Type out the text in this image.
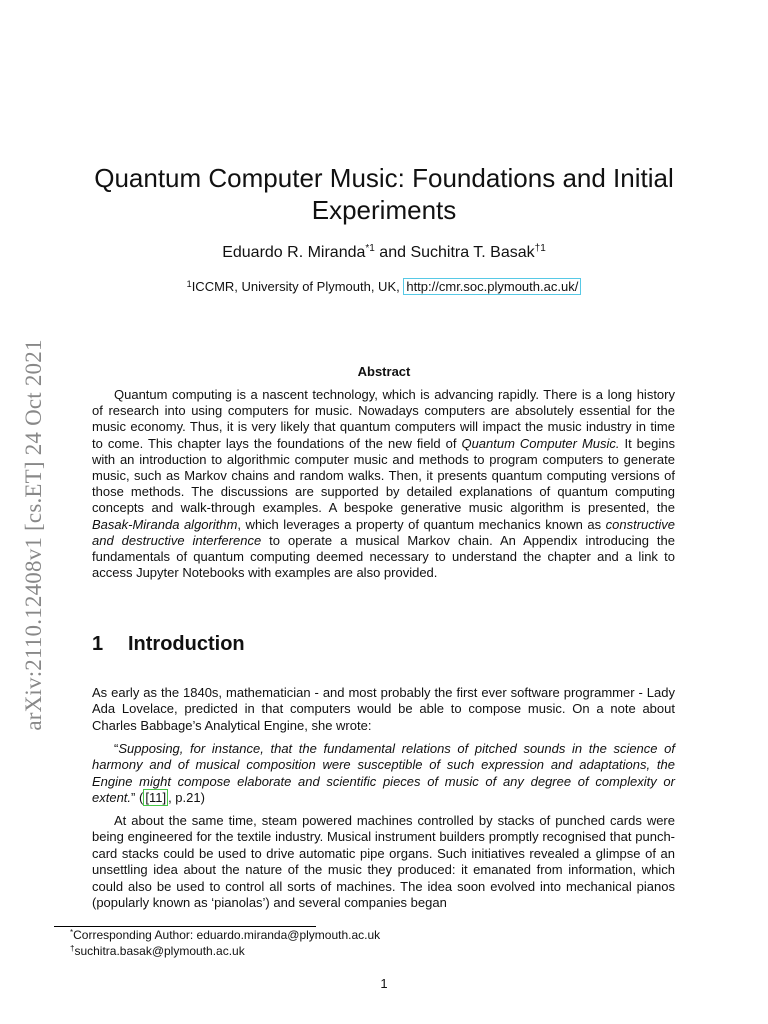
arXiv:2110.12408v1 [cs.ET] 24 Oct 2021
Quantum Computer Music: Foundations and Initial Experiments
Eduardo R. Miranda$^{*1}$ and Suchitra T. Basak$^{\dagger 1}$
$^1$ICCMR, University of Plymouth, UK, http://cmr.soc.plymouth.ac.uk/
Abstract

Quantum computing is a nascent technology, which is advancing rapidly. There is a long history of research into using computers for music. Nowadays computers are absolutely essential for the music economy. Thus, it is very likely that quantum computers will impact the music industry in time to come. This chapter lays the foundations of the new field of Quantum Computer Music. It begins with an introduction to algorithmic computer music and methods to program computers to generate music, such as Markov chains and random walks. Then, it presents quantum computing versions of those methods. The discussions are supported by detailed explanations of quantum computing concepts and walk-through examples. A bespoke generative music algorithm is presented, the Basak-Miranda algorithm, which leverages a property of quantum mechanics known as constructive and destructive interference to operate a musical Markov chain. An Appendix introducing the fundamentals of quantum computing deemed necessary to understand the chapter and a link to access Jupyter Notebooks with examples are also provided.

1 Introduction

As early as the 1840s, mathematician - and most probably the first ever software programmer - Lady Ada Lovelace, predicted in that computers would be able to compose music. On a note about Charles Babbage’s Analytical Engine, she wrote:

“Supposing, for instance, that the fundamental relations of pitched sounds in the science of harmony and of musical composition were susceptible of such expression and adaptations, the Engine might compose elaborate and scientific pieces of music of any degree of complexity or extent.” ( [11] , p.21)

At about the same time, steam powered machines controlled by stacks of punched cards were being engineered for the textile industry. Musical instrument builders promptly recognised that punch-card stacks could be used to drive automatic pipe organs. Such initiatives revealed a glimpse of an unsettling idea about the nature of the music they produced: it emanated from information, which could also be used to control all sorts of machines. The idea soon evolved into mechanical pianos (popularly known as ‘pianolas’) and several companies began

*Corresponding Author: eduardo.miranda@plymouth.ac.uk
†suchitra.basak@plymouth.ac.uk
1
